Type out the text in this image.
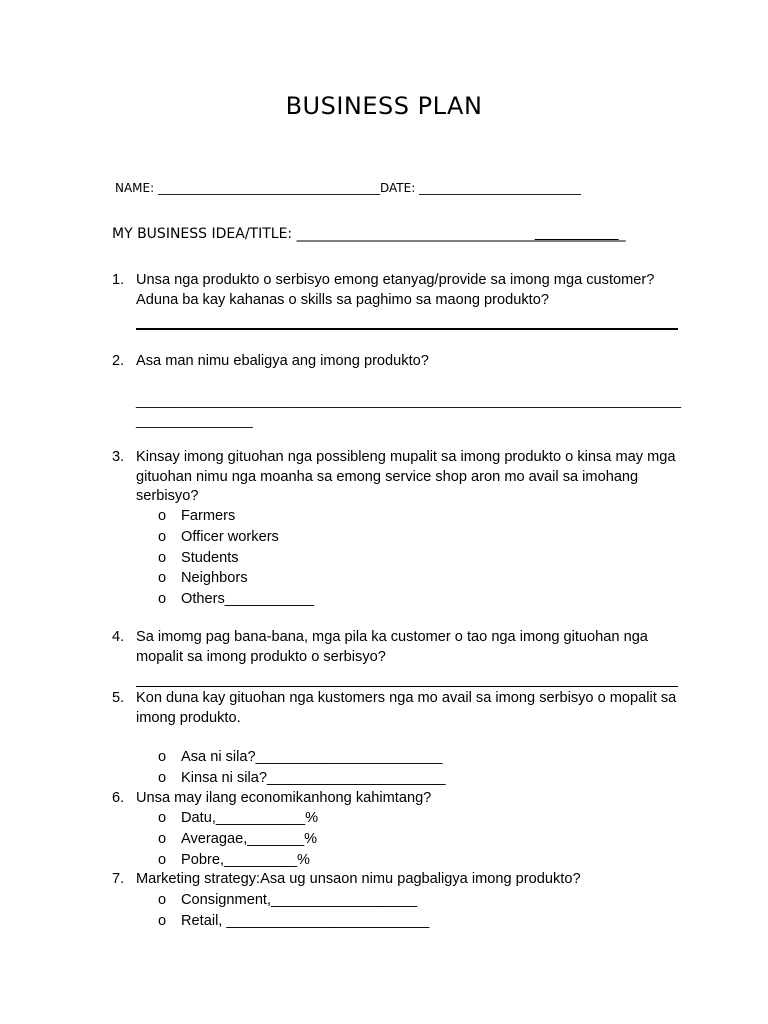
BUSINESS PLAN
NAME: _____________________________________DATE: ___________________________
MY BUSINESS IDEA/TITLE: _______________________________________________
1. Unsa nga produkto o serbisyo emong etanyag/provide sa imong mga customer? Aduna ba kay kahanas o skills sa paghimo sa maong produkto?
2. Asa man nimu ebaligya ang imong produkto?
______________________________________________________________________
_______________
3. Kinsay imong gituohan nga possibleng mupalit sa imong produkto o kinsa may mga gituohan nimu nga moanha sa emong service shop aron mo avail sa imohang serbisyo?
o Farmers
o Officer workers
o Students
o Neighbors
o Others___________
4. Sa imomg pag bana-bana, mga pila ka customer o tao nga imong gituohan nga mopalit sa imong produkto o serbisyo?
5. Kon duna kay gituohan nga kustomers nga mo avail sa imong serbisyo o mopalit sa imong produkto.
o Asa ni sila?_______________________
o Kinsa ni sila?______________________
6. Unsa may ilang economikanhong kahimtang?
o Datu,___________%
o Averagae,_______%
o Pobre,_________%
7. Marketing strategy:Asa ug unsaon nimu pagbaligya imong produkto?
o Consignment,__________________
o Retail, _________________________
